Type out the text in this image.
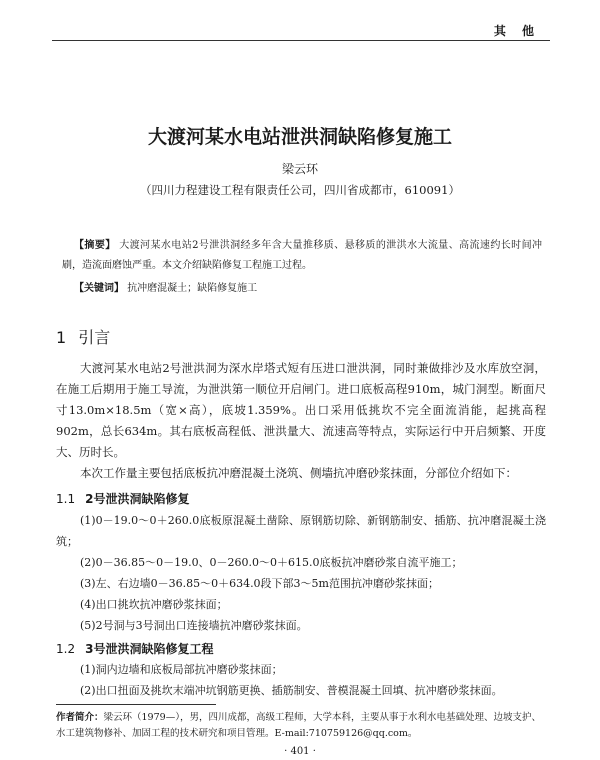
其 他
大渡河某水电站泄洪洞缺陷修复施工
梁云环
（四川力程建设工程有限责任公司，四川省成都市，610091）
【摘要】 大渡河某水电站2号泄洪洞经多年含大量推移质、悬移质的泄洪水大流量、高流速约长时间冲刷，造流面磨蚀严重。本文介绍缺陷修复工程施工过程。
【关键词】 抗冲磨混凝土；缺陷修复施工
1 引言
大渡河某水电站2号泄洪洞为深水岸塔式短有压进口泄洪洞，同时兼做排沙及水库放空洞，在施工后期用于施工导流，为泄洪第一顺位开启闸门。进口底板高程910m，城门洞型。断面尺寸13.0m×18.5m（宽×高），底坡1.359%。出口采用低挑坎不完全面流消能，起挑高程902m，总长634m。其右底板高程低、泄洪量大、流速高等特点，实际运行中开启频繁、开度大、历时长。
本次工作量主要包括底板抗冲磨混凝土浇筑、侧墙抗冲磨砂浆抹面，分部位介绍如下：
1.1 2号泄洪洞缺陷修复
(1)0－19.0～0＋260.0底板原混凝土凿除、原钢筋切除、新钢筋制安、插筋、抗冲磨混凝土浇筑；
(2)0－36.85～0－19.0、0－260.0～0＋615.0底板抗冲磨砂浆自流平施工；
(3)左、右边墙0－36.85～0＋634.0段下部3～5m范围抗冲磨砂浆抹面；
(4)出口挑坎抗冲磨砂浆抹面；
(5)2号洞与3号洞出口连接墙抗冲磨砂浆抹面。
1.2 3号泄洪洞缺陷修复工程
(1)洞内边墙和底板局部抗冲磨砂浆抹面；
(2)出口扭面及挑坎末端冲坑钢筋更换、插筋制安、普模混凝土回填、抗冲磨砂浆抹面。
作者简介：梁云环（1979—），男，四川成都，高级工程师，大学本科，主要从事于水利水电基础处理、边坡支护、水工建筑物修补、加固工程的技术研究和项目管理。E-mail:710759126@qq.com。
· 401 ·
